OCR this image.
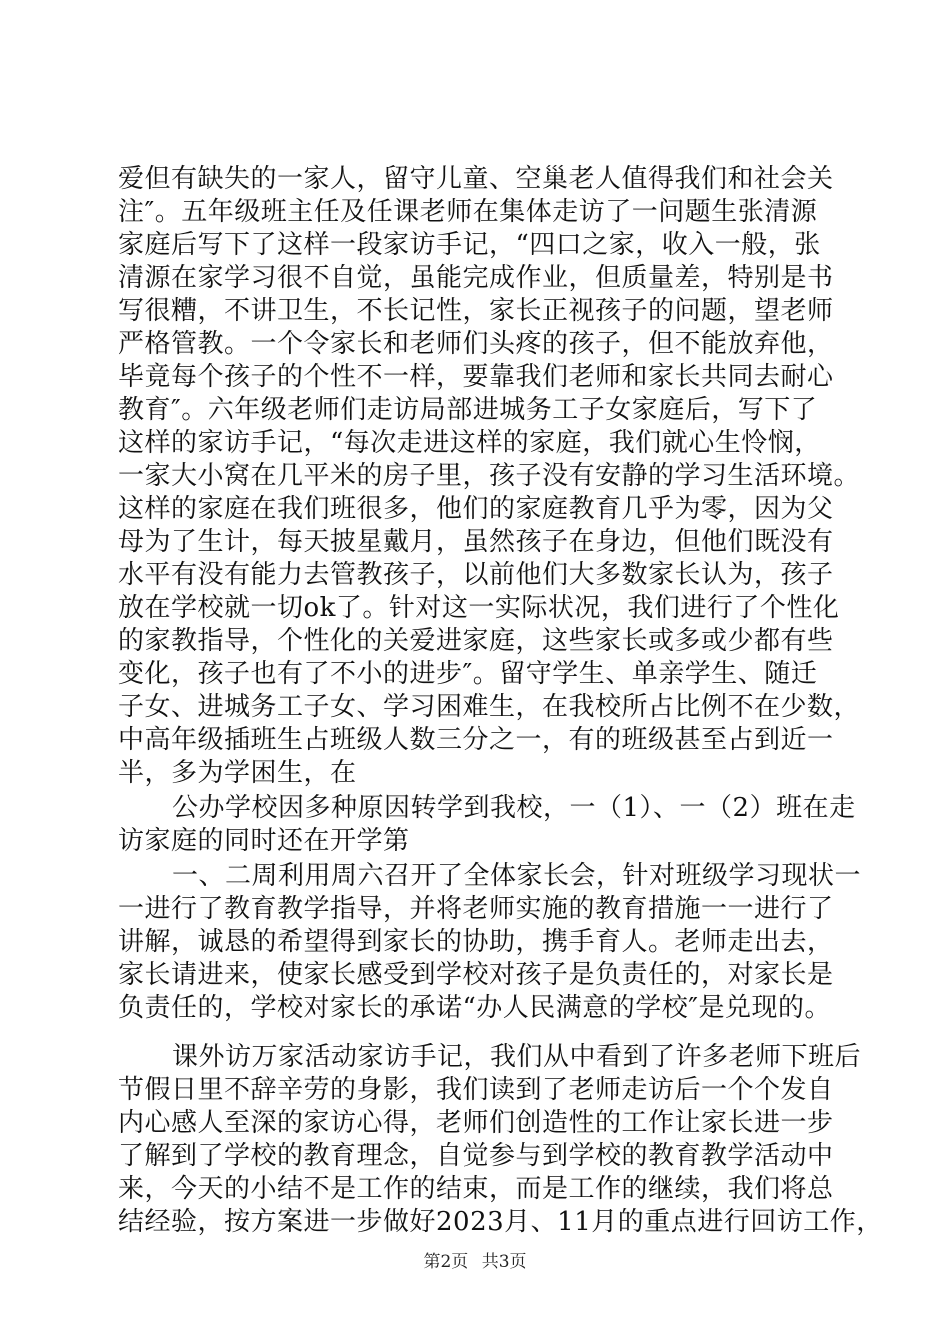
爱但有缺失的一家人，留守儿童、空巢老人值得我们和社会关
注″。五年级班主任及任课老师在集体走访了一问题生张清源
家庭后写下了这样一段家访手记，“四口之家，收入一般，张
清源在家学习很不自觉，虽能完成作业，但质量差，特别是书
写很糟，不讲卫生，不长记性，家长正视孩子的问题，望老师
严格管教。一个令家长和老师们头疼的孩子，但不能放弃他，
毕竟每个孩子的个性不一样，要靠我们老师和家长共同去耐心
教育″。六年级老师们走访局部进城务工子女家庭后，写下了
这样的家访手记，“每次走进这样的家庭，我们就心生怜悯，
一家大小窝在几平米的房子里，孩子没有安静的学习生活环境。
这样的家庭在我们班很多，他们的家庭教育几乎为零，因为父
母为了生计，每天披星戴月，虽然孩子在身边，但他们既没有
水平有没有能力去管教孩子，以前他们大多数家长认为，孩子
放在学校就一切ok了。针对这一实际状况，我们进行了个性化
的家教指导，个性化的关爱进家庭，这些家长或多或少都有些
变化，孩子也有了不小的进步″。留守学生、单亲学生、随迁
子女、进城务工子女、学习困难生，在我校所占比例不在少数，
中高年级插班生占班级人数三分之一，有的班级甚至占到近一
半，多为学困生，在
公办学校因多种原因转学到我校，一（1）、一（2）班在走
访家庭的同时还在开学第
一、二周利用周六召开了全体家长会，针对班级学习现状一
一进行了教育教学指导，并将老师实施的教育措施一一进行了
讲解，诚恳的希望得到家长的协助，携手育人。老师走出去，
家长请进来，使家长感受到学校对孩子是负责任的，对家长是
负责任的，学校对家长的承诺“办人民满意的学校″是兑现的。
课外访万家活动家访手记，我们从中看到了许多老师下班后
节假日里不辞辛劳的身影，我们读到了老师走访后一个个发自
内心感人至深的家访心得，老师们创造性的工作让家长进一步
了解到了学校的教育理念，自觉参与到学校的教育教学活动中
来，今天的小结不是工作的结束，而是工作的继续，我们将总
结经验，按方案进一步做好2023月、11月的重点进行回访工作，
第2页 共3页
